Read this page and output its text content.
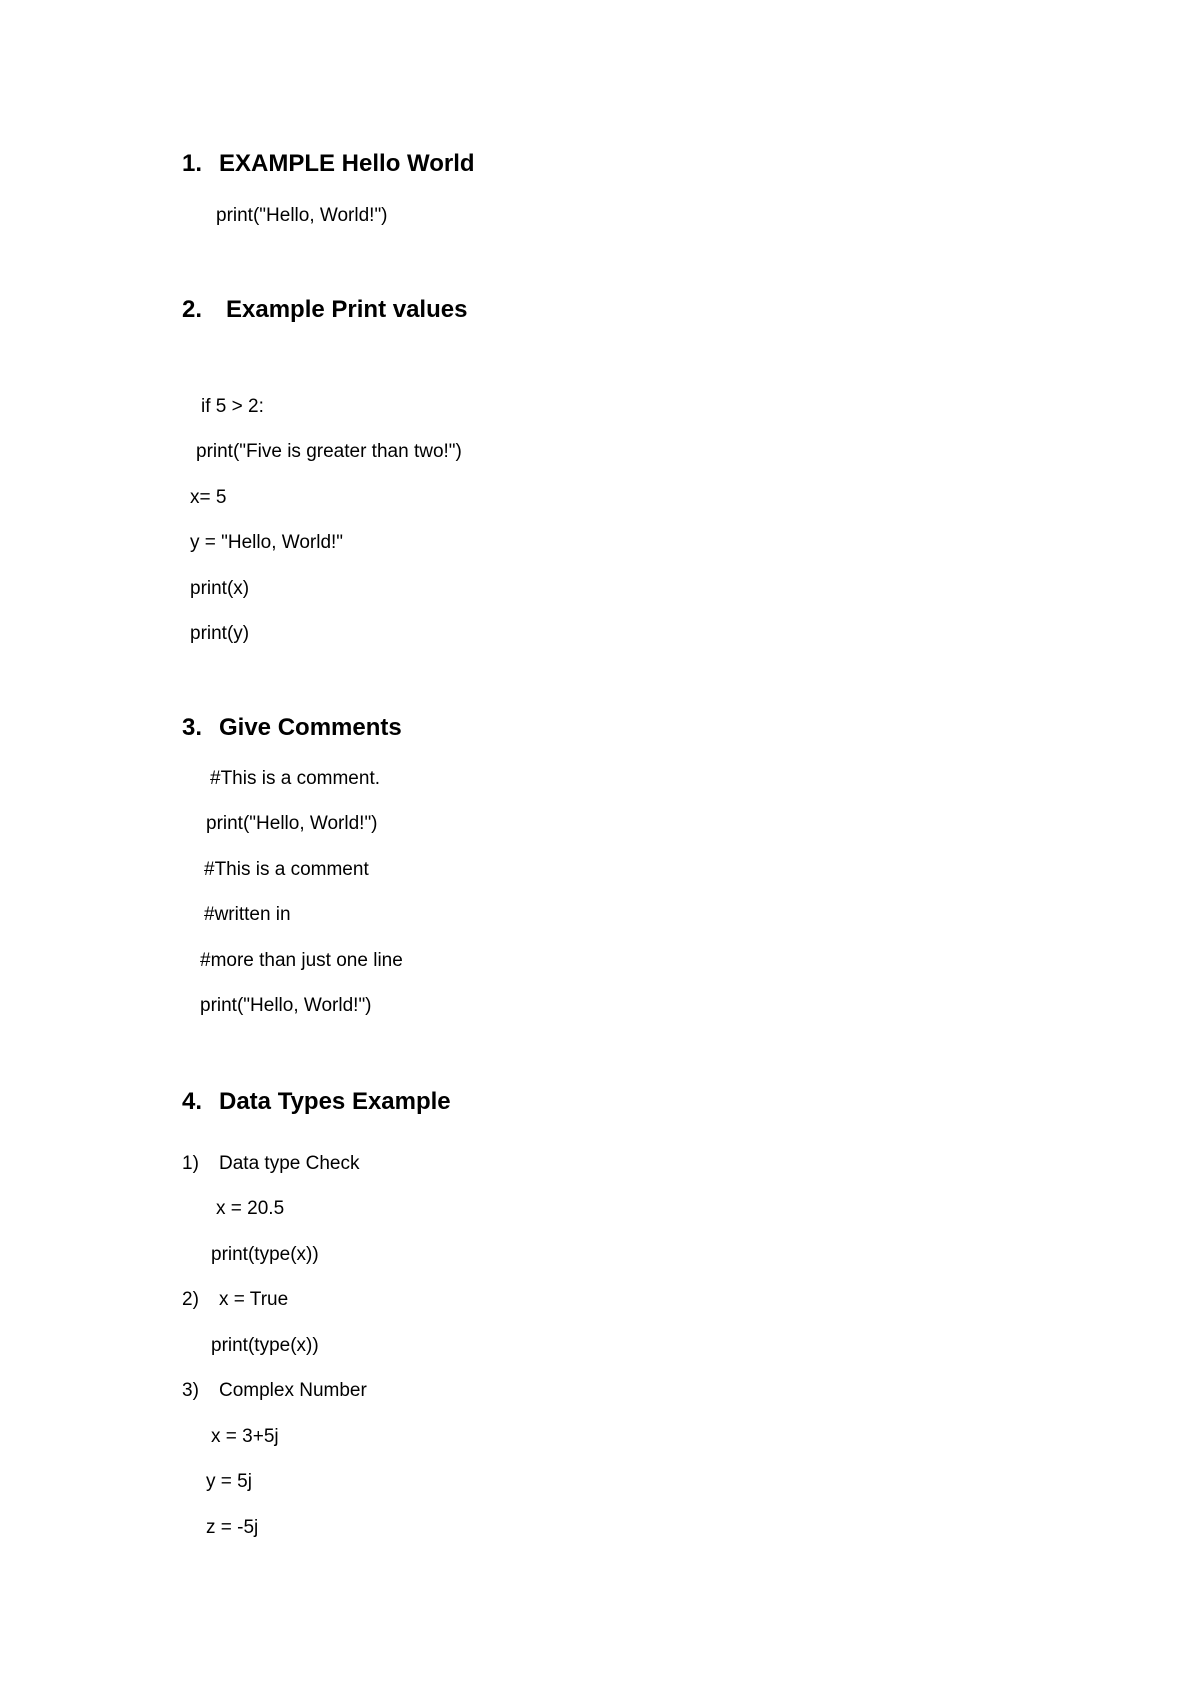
1. EXAMPLE Hello World
print("Hello, World!")
2. Example Print values
if 5 > 2:
print("Five is greater than two!")
x= 5
y = "Hello, World!"
print(x)
print(y)
3. Give Comments
#This is a comment.
print("Hello, World!")
#This is a comment
#written in
#more than just one line
print("Hello, World!")
4. Data Types Example
1) Data type Check
x = 20.5
print(type(x))
2) x = True
print(type(x))
3) Complex Number
x = 3+5j
y = 5j
z = -5j
